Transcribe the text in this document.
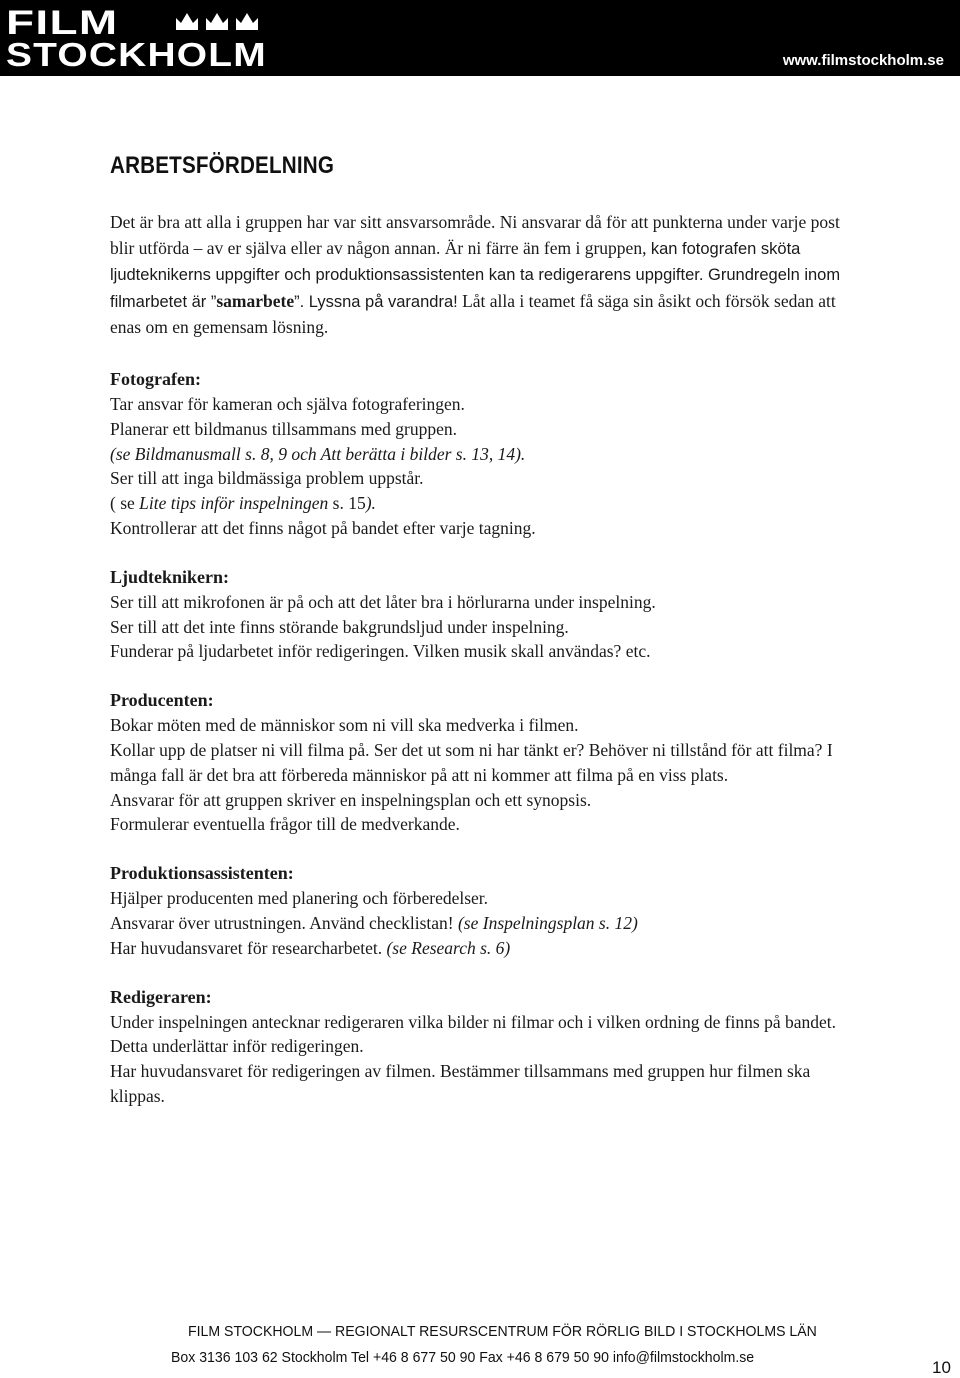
FILM
STOCKHOLM	www.filmstockholm.se
ARBETSFÖRDELNING

Det är bra att alla i gruppen har var sitt ansvarsområde. Ni ansvarar då för att punkterna under varje post blir utförda – av er själva eller av någon annan. Är ni färre än fem i gruppen, kan fotografen sköta ljudteknikerns uppgifter och produktionsassistenten kan ta redigerarens uppgifter. Grundregeln inom filmarbetet är ”samarbete”. Lyssna på varandra! Låt alla i teamet få säga sin åsikt och försök sedan att enas om en gemensam lösning.

Fotografen:
Tar ansvar för kameran och själva fotograferingen.
Planerar ett bildmanus tillsammans med gruppen.
(se Bildmanusmall s. 8, 9 och Att berätta i bilder s. 13, 14).
Ser till att inga bildmässiga problem uppstår.
( se Lite tips inför inspelningen s. 15).
Kontrollerar att det finns något på bandet efter varje tagning.
Ljudteknikern:
Ser till att mikrofonen är på och att det låter bra i hörlurarna under inspelning.
Ser till att det inte finns störande bakgrundsljud under inspelning.
Funderar på ljudarbetet inför redigeringen. Vilken musik skall användas? etc.
Producenten:
Bokar möten med de människor som ni vill ska medverka i filmen.
Kollar upp de platser ni vill filma på. Ser det ut som ni har tänkt er? Behöver ni tillstånd för att filma? I många fall är det bra att förbereda människor på att ni kommer att filma på en viss plats.
Ansvarar för att gruppen skriver en inspelningsplan och ett synopsis.
Formulerar eventuella frågor till de medverkande.
Produktionsassistenten:
Hjälper producenten med planering och förberedelser.
Ansvarar över utrustningen. Använd checklistan! (se Inspelningsplan s. 12)
Har huvudansvaret för researcharbetet. (se Research s. 6)
Redigeraren:
Under inspelningen antecknar redigeraren vilka bilder ni filmar och i vilken ordning de finns på bandet. Detta underlättar inför redigeringen.
Har huvudansvaret för redigeringen av filmen. Bestämmer tillsammans med gruppen hur filmen ska klippas.
FILM STOCKHOLM — REGIONALT RESURSCENTRUM FÖR RÖRLIG BILD I STOCKHOLMS LÄN
Box 3136 103 62 Stockholm Tel +46 8 677 50 90 Fax +46 8 679 50 90 info@filmstockholm.se
10
